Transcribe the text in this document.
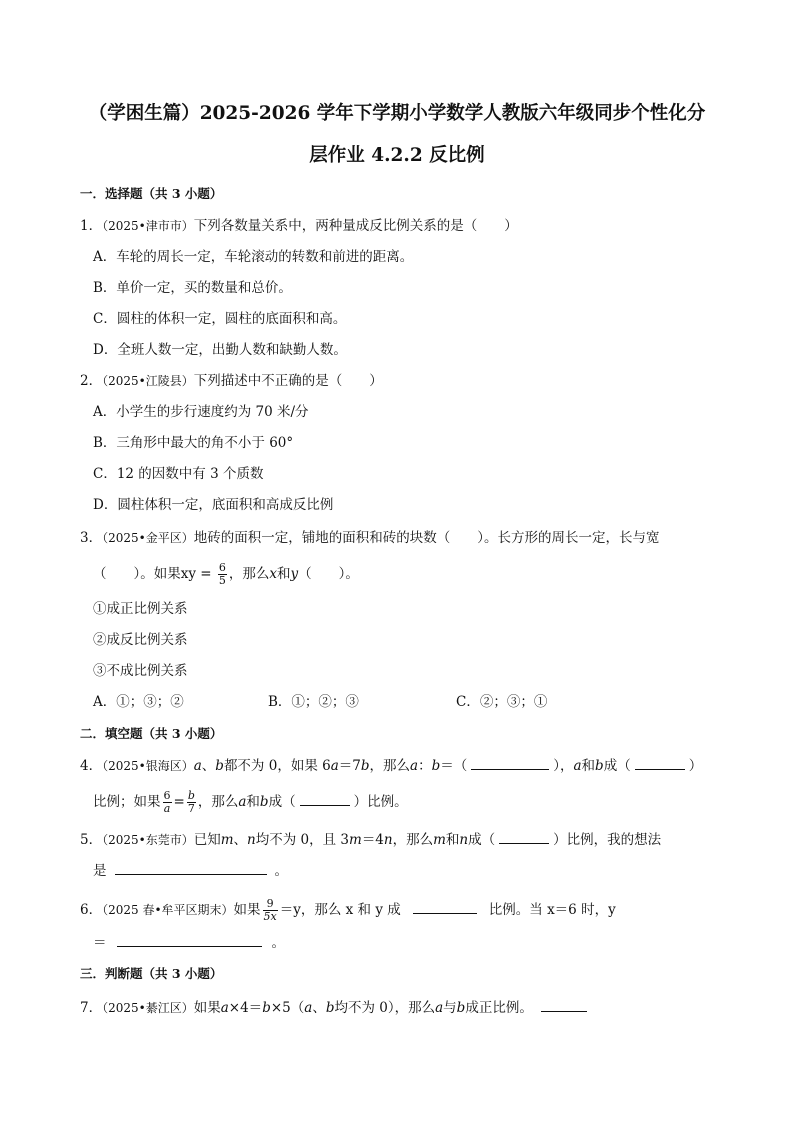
（学困生篇）2025-2026 学年下学期小学数学人教版六年级同步个性化分
层作业 4.2.2 反比例
一．选择题（共 3 小题）
1．（2025•津市市）下列各数量关系中，两种量成反比例关系的是（　　）
A．车轮的周长一定，车轮滚动的转数和前进的距离。
B．单价一定，买的数量和总价。
C．圆柱的体积一定，圆柱的底面积和高。
D．全班人数一定，出勤人数和缺勤人数。
2．（2025•江陵县）下列描述中不正确的是（　　）
A．小学生的步行速度约为 70 米/分
B．三角形中最大的角不小于 60°
C．12 的因数中有 3 个质数
D．圆柱体积一定，底面积和高成反比例
3．（2025•金平区）地砖的面积一定，铺地的面积和砖的块数（　　）。长方形的周长一定，长与宽
（　　）。如果xy = $\frac{6}{5}$ ，那么x和y（　　）。
①成正比例关系
②成反比例关系
③不成比例关系
A．①；③；②	B．①；②；③	C．②；③；①
二．填空题（共 3 小题）
4．（2025•银海区）a、b都不为 0，如果 6a＝7b，那么a：b＝（	），a和b成（	）
比例；如果 $\frac{6}{a} = \frac{b}{7}$ ，那么a和b成（	）比例。
5．（2025•东莞市）已知m、n均不为 0，且 3m＝4n，那么m和n成（	）比例，我的想法
是	。
6．（2025 春•牟平区期末）如果 $\frac{9}{5x} =y$，那么 x 和 y 成	比例。当 x＝6 时，y
＝	。
三．判断题（共 3 小题）
7．（2025•綦江区）如果a×4＝b×5（a、b均不为 0），那么a与b成正比例。
